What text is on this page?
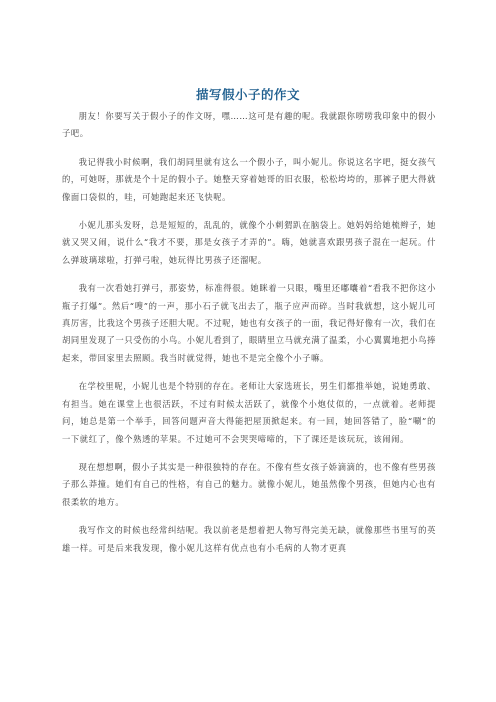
描写假小子的作文

朋友！你要写关于假小子的作文呀，嘿……这可是有趣的呢。我就跟你唠唠我印象中的假小子吧。

我记得我小时候啊，我们胡同里就有这么一个假小子，叫小妮儿。你说这名字吧，挺女孩气的，可她呀，那就是个十足的假小子。她整天穿着她哥的旧衣服，松松垮垮的，那裤子肥大得就像面口袋似的，哇，可她跑起来还飞快呢。

小妮儿那头发呀，总是短短的，乱乱的，就像个小刺猬趴在脑袋上。她妈妈给她梳辫子，她就又哭又闹，说什么“我才不要，那是女孩子才弄的”。嗨，她就喜欢跟男孩子混在一起玩。什么弹玻璃球啦，打弹弓啦，她玩得比男孩子还溜呢。

我有一次看她打弹弓，那姿势，标准得很。她眯着一只眼，嘴里还嘟囔着“看我不把你这小瓶子打爆”。然后“嗖”的一声，那小石子就飞出去了，瓶子应声而碎。当时我就想，这小妮儿可真厉害，比我这个男孩子还胆大呢。不过呢，她也有女孩子的一面，我记得好像有一次，我们在胡同里发现了一只受伤的小鸟。小妮儿看到了，眼睛里立马就充满了温柔，小心翼翼地把小鸟捧起来，带回家里去照顾。我当时就觉得，她也不是完全像个小子嘛。

在学校里呢，小妮儿也是个特别的存在。老师让大家选班长，男生们都推举她，说她勇敢、有担当。她在课堂上也很活跃，不过有时候太活跃了，就像个小炮仗似的，一点就着。老师提问，她总是第一个举手，回答问题声音大得能把屋顶掀起来。有一回，她回答错了，脸“唰”的一下就红了，像个熟透的苹果。不过她可不会哭哭啼啼的，下了课还是该玩玩，该闹闹。

现在想想啊，假小子其实是一种很独特的存在。不像有些女孩子娇滴滴的，也不像有些男孩子那么莽撞。她们有自己的性格，有自己的魅力。就像小妮儿，她虽然像个男孩，但她内心也有很柔软的地方。

我写作文的时候也经常纠结呢。我以前老是想着把人物写得完美无缺，就像那些书里写的英雄一样。可是后来我发现，像小妮儿这样有优点也有小毛病的人物才更真
